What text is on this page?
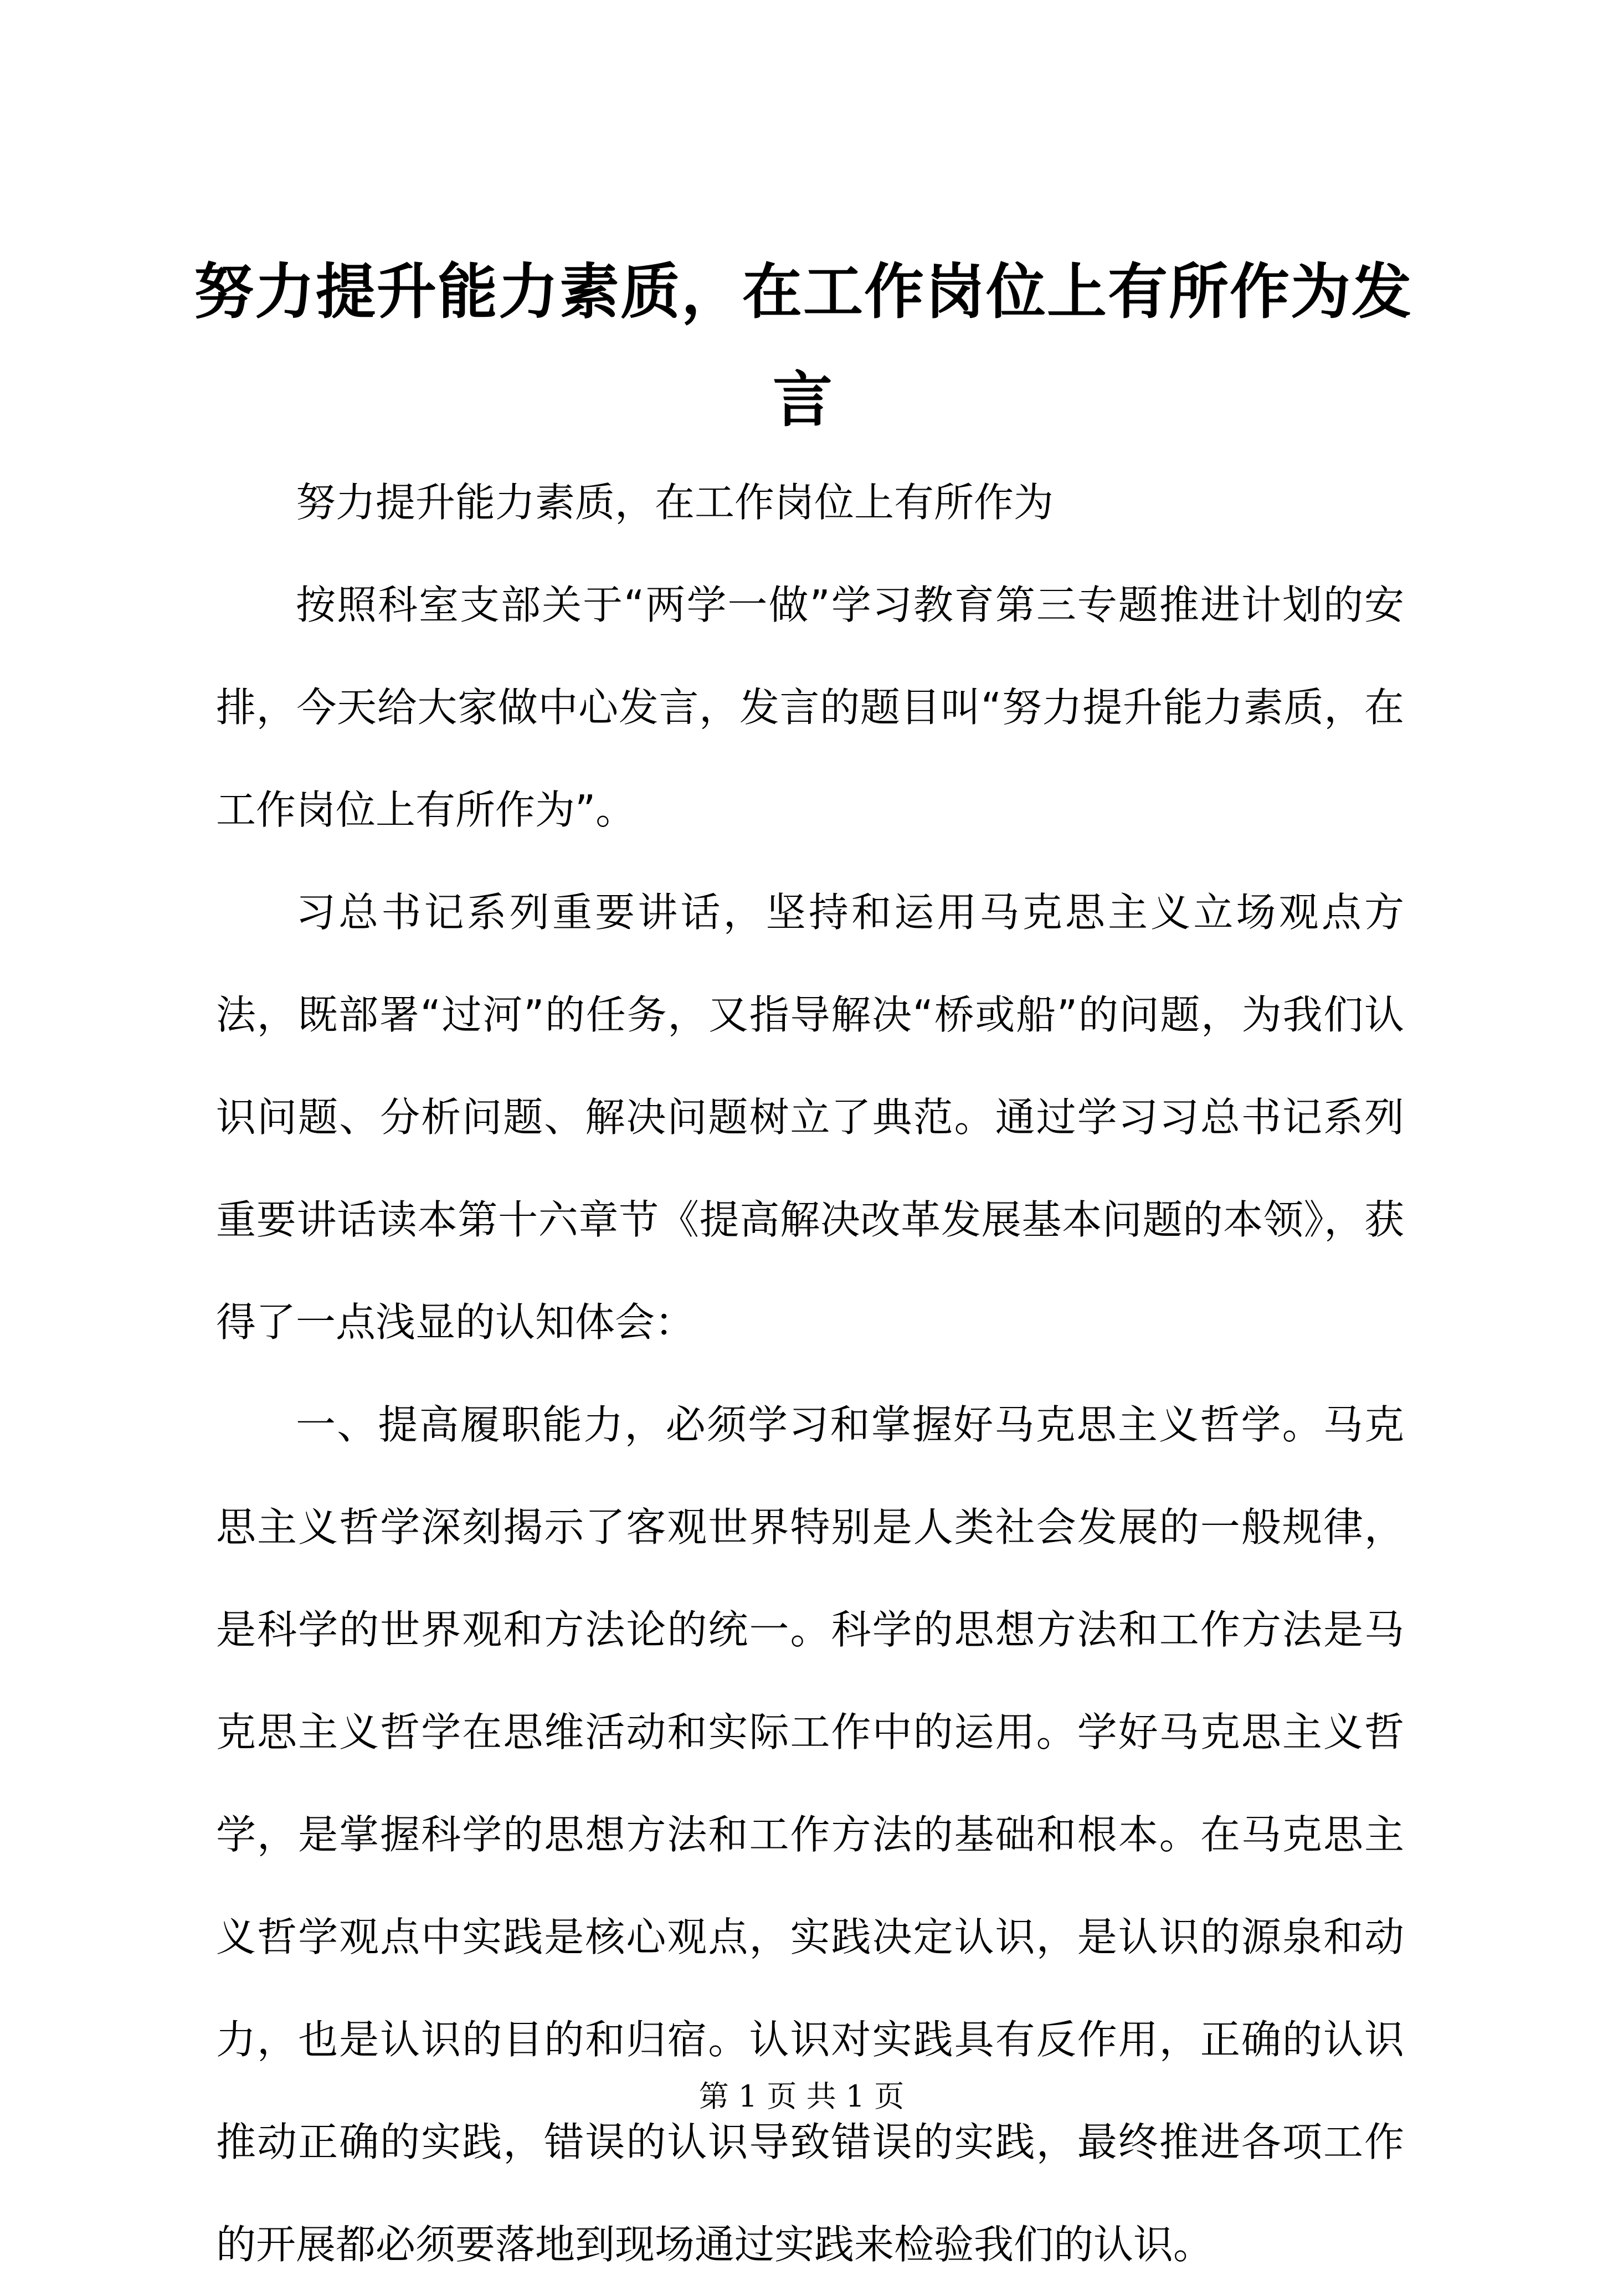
努力提升能力素质，在工作岗位上有所作为发言

努力提升能力素质，在工作岗位上有所作为

按照科室支部关于“两学一做”学习教育第三专题推进计划的安排，今天给大家做中心发言，发言的题目叫“努力提升能力素质，在工作岗位上有所作为”。

习总书记系列重要讲话，坚持和运用马克思主义立场观点方法，既部署“过河”的任务，又指导解决“桥或船”的问题，为我们认识问题、分析问题、解决问题树立了典范。通过学习习总书记系列重要讲话读本第十六章节《提高解决改革发展基本问题的本领》，获得了一点浅显的认知体会：

一、提高履职能力，必须学习和掌握好马克思主义哲学。马克思主义哲学深刻揭示了客观世界特别是人类社会发展的一般规律，是科学的世界观和方法论的统一。科学的思想方法和工作方法是马克思主义哲学在思维活动和实际工作中的运用。学好马克思主义哲学，是掌握科学的思想方法和工作方法的基础和根本。在马克思主义哲学观点中实践是核心观点，实践决定认识，是认识的源泉和动力，也是认识的目的和归宿。认识对实践具有反作用，正确的认识推动正确的实践，错误的认识导致错误的实践，最终推进各项工作的开展都必须要落地到现场通过实践来检验我们的认识。

第 1 页 共 1 页
